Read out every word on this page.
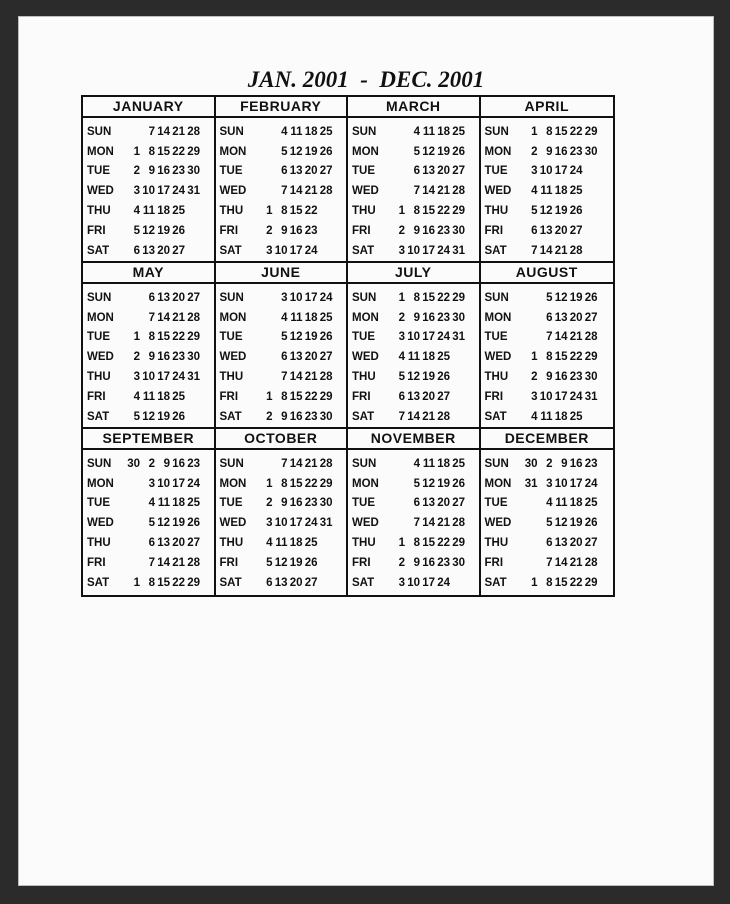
JAN. 2001  -  DEC. 2001
JANUARY
SUN	7 14 21 28
MON	1 8 15 22 29
TUE	2 9 16 23 30
WED	3 10 17 24 31
THU	4 11 18 25
FRI	5 12 19 26
SAT	6 13 20 27
FEBRUARY
SUN	4 11 18 25
MON	5 12 19 26
TUE	6 13 20 27
WED	7 14 21 28
THU	1 8 15 22
FRI	2 9 16 23
SAT	3 10 17 24
MARCH
SUN	4 11 18 25
MON	5 12 19 26
TUE	6 13 20 27
WED	7 14 21 28
THU	1 8 15 22 29
FRI	2 9 16 23 30
SAT	3 10 17 24 31
APRIL
SUN	1 8 15 22 29
MON	2 9 16 23 30
TUE	3 10 17 24
WED	4 11 18 25
THU	5 12 19 26
FRI	6 13 20 27
SAT	7 14 21 28
MAY
SUN	6 13 20 27
MON	7 14 21 28
TUE	1 8 15 22 29
WED	2 9 16 23 30
THU	3 10 17 24 31
FRI	4 11 18 25
SAT	5 12 19 26
JUNE
SUN	3 10 17 24
MON	4 11 18 25
TUE	5 12 19 26
WED	6 13 20 27
THU	7 14 21 28
FRI	1 8 15 22 29
SAT	2 9 16 23 30
JULY
SUN	1 8 15 22 29
MON	2 9 16 23 30
TUE	3 10 17 24 31
WED	4 11 18 25
THU	5 12 19 26
FRI	6 13 20 27
SAT	7 14 21 28
AUGUST
SUN	5 12 19 26
MON	6 13 20 27
TUE	7 14 21 28
WED	1 8 15 22 29
THU	2 9 16 23 30
FRI	3 10 17 24 31
SAT	4 11 18 25
SEPTEMBER
SUN	30 2 9 16 23
MON	3 10 17 24
TUE	4 11 18 25
WED	5 12 19 26
THU	6 13 20 27
FRI	7 14 21 28
SAT	1 8 15 22 29
OCTOBER
SUN	7 14 21 28
MON	1 8 15 22 29
TUE	2 9 16 23 30
WED	3 10 17 24 31
THU	4 11 18 25
FRI	5 12 19 26
SAT	6 13 20 27
NOVEMBER
SUN	4 11 18 25
MON	5 12 19 26
TUE	6 13 20 27
WED	7 14 21 28
THU	1 8 15 22 29
FRI	2 9 16 23 30
SAT	3 10 17 24
DECEMBER
SUN	30 2 9 16 23
MON	31 3 10 17 24
TUE	4 11 18 25
WED	5 12 19 26
THU	6 13 20 27
FRI	7 14 21 28
SAT	1 8 15 22 29
